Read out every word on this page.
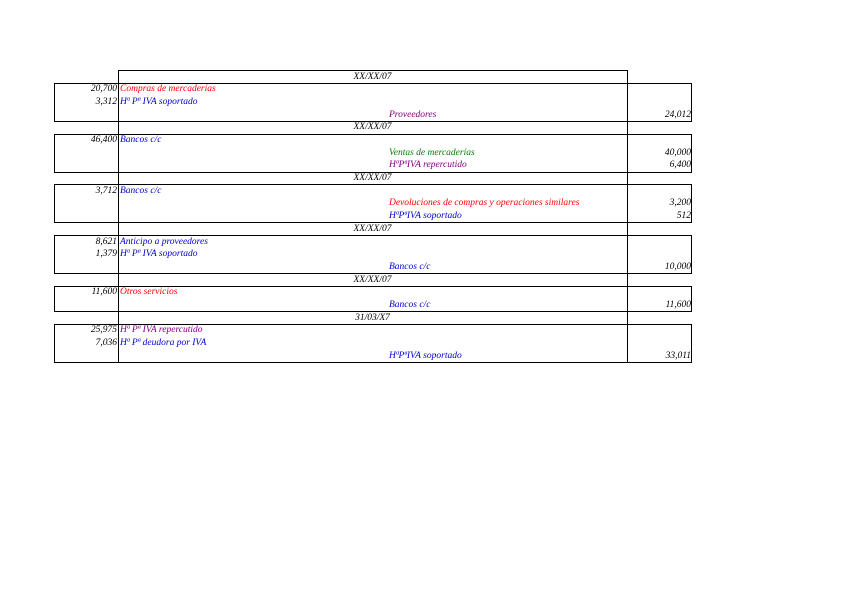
XX/XX/07
20,700 Compras de mercaderías
3,312 Hª Pª IVA soportado
Proveedores	24,012
XX/XX/07
46,400 Bancos c/c
Ventas de mercaderías	40,000
HªPªIVA repercutido	6,400
XX/XX/07
3,712 Bancos c/c
Devoluciones de compras y operaciones similares	3,200
HªPªIVA soportado	512
XX/XX/07
8,621 Anticipo a proveedores
1,379 Hª Pª IVA soportado
Bancos c/c	10,000
XX/XX/07
11,600 Otros servicios
Bancos c/c	11,600
31/03/X7
25,975 Hª Pª IVA repercutido
7,036 Hª Pª deudora por IVA
HªPªIVA soportado	33,011
